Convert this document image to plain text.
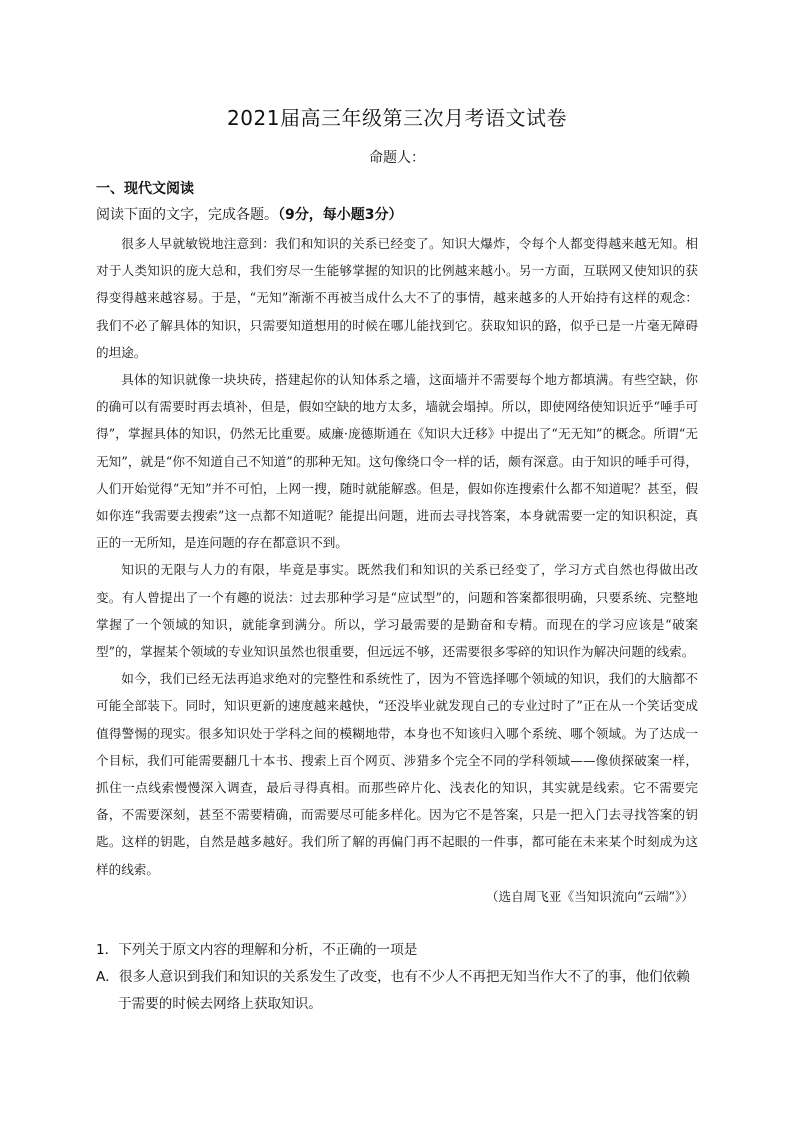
2021届高三年级第三次月考语文试卷
命题人：
一、现代文阅读
阅读下面的文字，完成各题。（9分，每小题3分）

很多人早就敏锐地注意到：我们和知识的关系已经变了。知识大爆炸，令每个人都变得越来越无知。相对于人类知识的庞大总和，我们穷尽一生能够掌握的知识的比例越来越小。另一方面，互联网又使知识的获得变得越来越容易。于是，“无知”渐渐不再被当成什么大不了的事情，越来越多的人开始持有这样的观念：我们不必了解具体的知识，只需要知道想用的时候在哪儿能找到它。获取知识的路，似乎已是一片毫无障碍的坦途。

具体的知识就像一块块砖，搭建起你的认知体系之墙，这面墙并不需要每个地方都填满。有些空缺，你的确可以有需要时再去填补，但是，假如空缺的地方太多，墙就会塌掉。所以，即使网络使知识近乎“唾手可得”，掌握具体的知识，仍然无比重要。威廉·庞德斯通在《知识大迁移》中提出了“无无知”的概念。所谓“无无知”，就是“你不知道自己不知道”的那种无知。这句像绕口令一样的话，颇有深意。由于知识的唾手可得，人们开始觉得“无知”并不可怕，上网一搜，随时就能解惑。但是，假如你连搜索什么都不知道呢？甚至，假如你连“我需要去搜索”这一点都不知道呢？能提出问题，进而去寻找答案，本身就需要一定的知识积淀，真正的一无所知，是连问题的存在都意识不到。

知识的无限与人力的有限，毕竟是事实。既然我们和知识的关系已经变了，学习方式自然也得做出改变。有人曾提出了一个有趣的说法：过去那种学习是“应试型”的，问题和答案都很明确，只要系统、完整地掌握了一个领域的知识，就能拿到满分。所以，学习最需要的是勤奋和专精。而现在的学习应该是“破案型”的，掌握某个领域的专业知识虽然也很重要，但远远不够，还需要很多零碎的知识作为解决问题的线索。

如今，我们已经无法再追求绝对的完整性和系统性了，因为不管选择哪个领域的知识，我们的大脑都不可能全部装下。同时，知识更新的速度越来越快，“还没毕业就发现自己的专业过时了”正在从一个笑话变成值得警惕的现实。很多知识处于学科之间的模糊地带，本身也不知该归入哪个系统、哪个领域。为了达成一个目标，我们可能需要翻几十本书、搜索上百个网页、涉猎多个完全不同的学科领域——像侦探破案一样，抓住一点线索慢慢深入调查，最后寻得真相。而那些碎片化、浅表化的知识，其实就是线索。它不需要完备，不需要深刻，甚至不需要精确，而需要尽可能多样化。因为它不是答案，只是一把入门去寻找答案的钥匙。这样的钥匙，自然是越多越好。我们所了解的再偏门再不起眼的一件事，都可能在未来某个时刻成为这样的线索。

（选自周飞亚《当知识流向“云端”》）

1．下列关于原文内容的理解和分析，不正确的一项是
A．很多人意识到我们和知识的关系发生了改变，也有不少人不再把无知当作大不了的事，他们依赖于需要的时候去网络上获取知识。
